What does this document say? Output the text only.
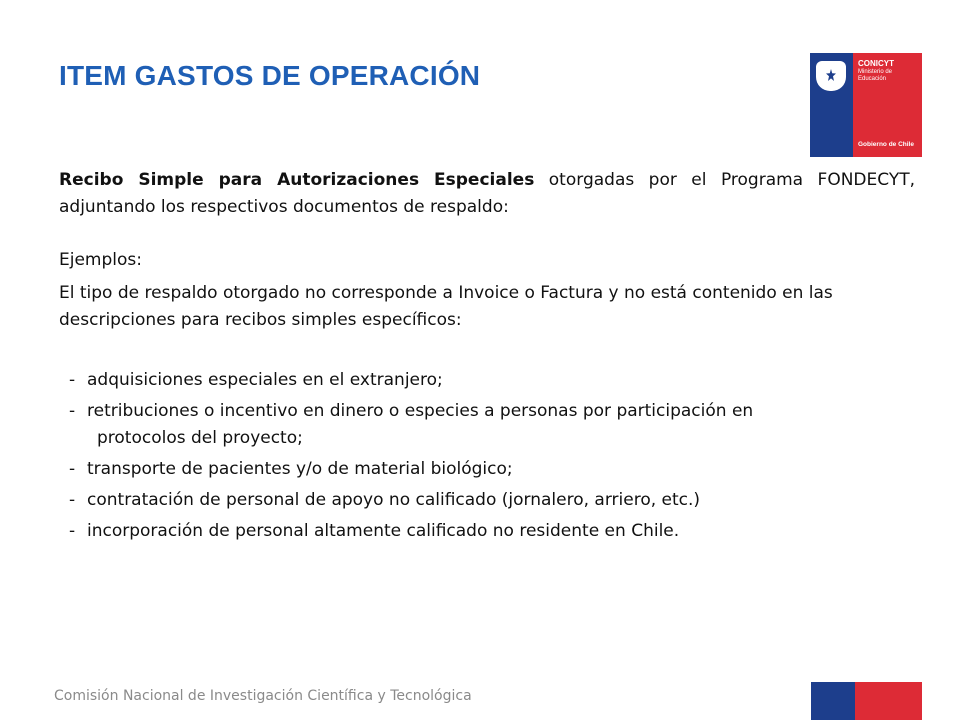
ITEM GASTOS DE OPERACIÓN	CONICYT
Ministerio de Educación
Gobierno de Chile

Recibo Simple para Autorizaciones Especiales otorgadas por el Programa FONDECYT, adjuntando los respectivos documentos de respaldo:

Ejemplos:

El tipo de respaldo otorgado no corresponde a Invoice o Factura y no está contenido en las descripciones para recibos simples específicos:

- adquisiciones especiales en el extranjero;
- retribuciones o incentivo en dinero o especies a personas por participación en
protocolos del proyecto;
- transporte de pacientes y/o de material biológico;
- contratación de personal de apoyo no calificado (jornalero, arriero, etc.)
- incorporación de personal altamente calificado no residente en Chile.
Comisión Nacional de Investigación Científica y Tecnológica
